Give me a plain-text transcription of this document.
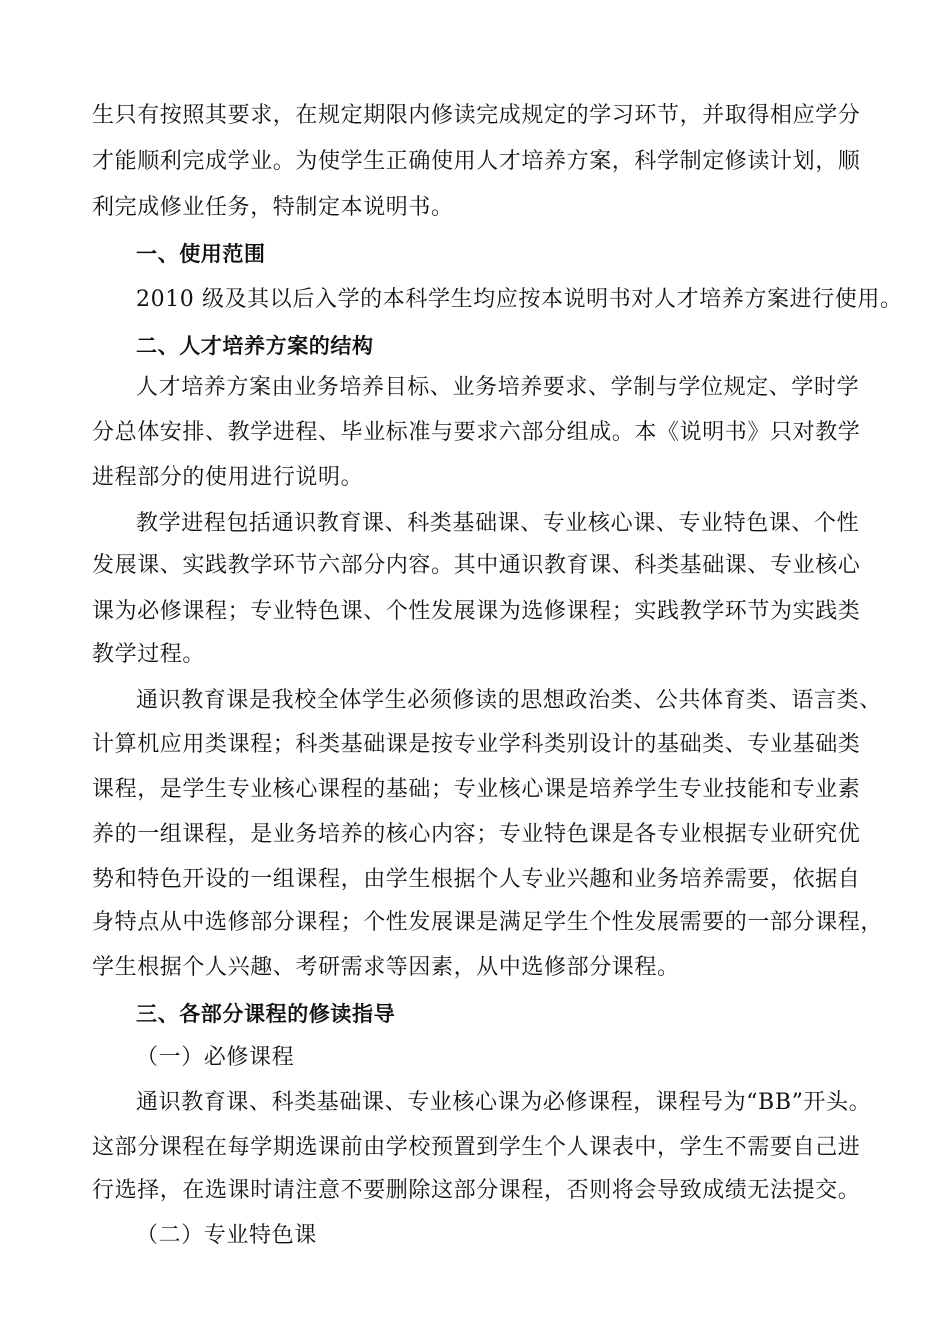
生只有按照其要求，在规定期限内修读完成规定的学习环节，并取得相应学分
才能顺利完成学业。为使学生正确使用人才培养方案，科学制定修读计划，顺
利完成修业任务，特制定本说明书。
一、使用范围
2010 级及其以后入学的本科学生均应按本说明书对人才培养方案进行使用。
二、人才培养方案的结构
人才培养方案由业务培养目标、业务培养要求、学制与学位规定、学时学
分总体安排、教学进程、毕业标准与要求六部分组成。本《说明书》只对教学
进程部分的使用进行说明。
教学进程包括通识教育课、科类基础课、专业核心课、专业特色课、个性
发展课、实践教学环节六部分内容。其中通识教育课、科类基础课、专业核心
课为必修课程；专业特色课、个性发展课为选修课程；实践教学环节为实践类
教学过程。
通识教育课是我校全体学生必须修读的思想政治类、公共体育类、语言类、
计算机应用类课程；科类基础课是按专业学科类别设计的基础类、专业基础类
课程，是学生专业核心课程的基础；专业核心课是培养学生专业技能和专业素
养的一组课程，是业务培养的核心内容；专业特色课是各专业根据专业研究优
势和特色开设的一组课程，由学生根据个人专业兴趣和业务培养需要，依据自
身特点从中选修部分课程；个性发展课是满足学生个性发展需要的一部分课程，
学生根据个人兴趣、考研需求等因素，从中选修部分课程。
三、各部分课程的修读指导
（一）必修课程
通识教育课、科类基础课、专业核心课为必修课程，课程号为“BB”开头。
这部分课程在每学期选课前由学校预置到学生个人课表中，学生不需要自己进
行选择，在选课时请注意不要删除这部分课程，否则将会导致成绩无法提交。
（二）专业特色课
